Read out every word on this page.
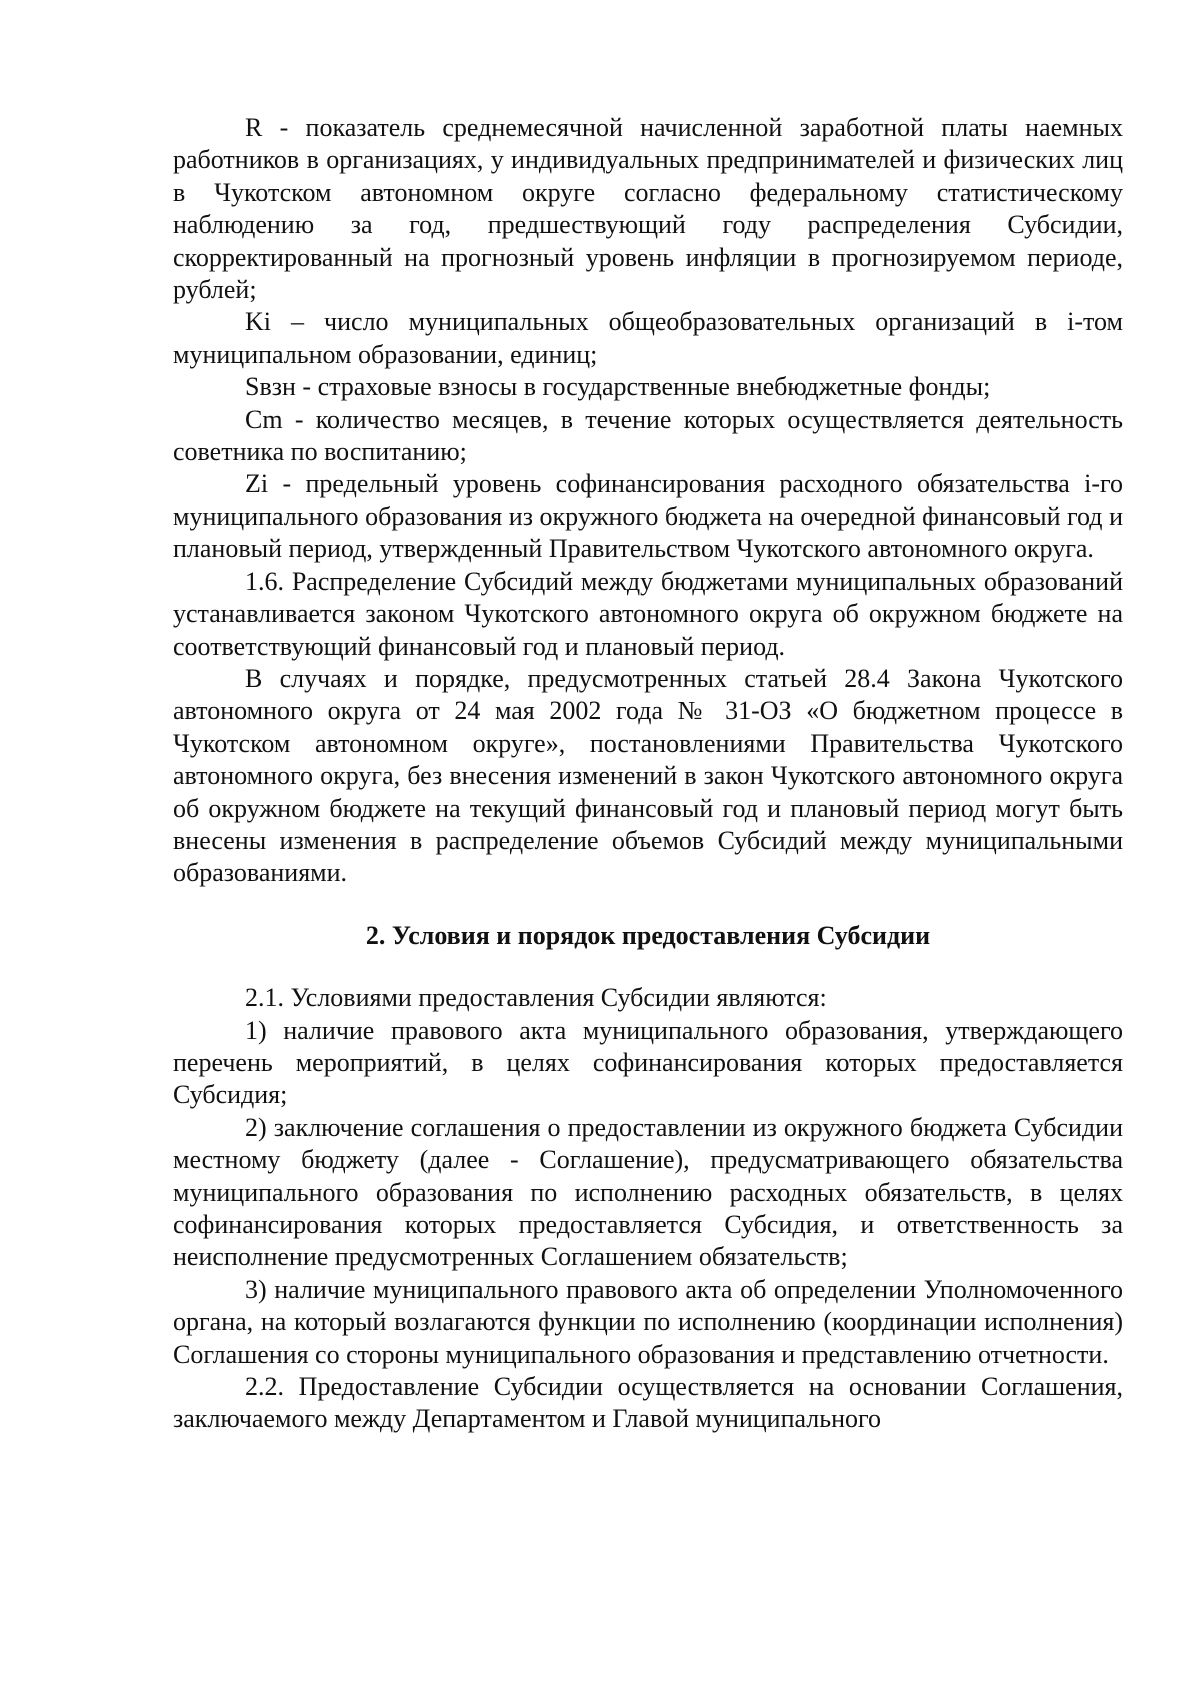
R - показатель среднемесячной начисленной заработной платы наемных работников в организациях, у индивидуальных предпринимателей и физических лиц в Чукотском автономном округе согласно федеральному статистическому наблюдению за год, предшествующий году распределения Субсидии, скорректированный на прогнозный уровень инфляции в прогнозируемом периоде, рублей;

Ki – число муниципальных общеобразовательных организаций в i-том муниципальном образовании, единиц;

Sвзн - страховые взносы в государственные внебюджетные фонды;

Cm - количество месяцев, в течение которых осуществляется деятельность советника по воспитанию;

Zi - предельный уровень софинансирования расходного обязательства i-го муниципального образования из окружного бюджета на очередной финансовый год и плановый период, утвержденный Правительством Чукотского автономного округа.

1.6. Распределение Субсидий между бюджетами муниципальных образований устанавливается законом Чукотского автономного округа об окружном бюджете на соответствующий финансовый год и плановый период.

В случаях и порядке, предусмотренных статьей 28.4 Закона Чукотского автономного округа от 24 мая 2002 года № 31-ОЗ «О бюджетном процессе в Чукотском автономном округе», постановлениями Правительства Чукотского автономного округа, без внесения изменений в закон Чукотского автономного округа об окружном бюджете на текущий финансовый год и плановый период могут быть внесены изменения в распределение объемов Субсидий между муниципальными образованиями.

2. Условия и порядок предоставления Субсидии

2.1. Условиями предоставления Субсидии являются:

1) наличие правового акта муниципального образования, утверждающего перечень мероприятий, в целях софинансирования которых предоставляется Субсидия;

2) заключение соглашения о предоставлении из окружного бюджета Субсидии местному бюджету (далее - Соглашение), предусматривающего обязательства муниципального образования по исполнению расходных обязательств, в целях софинансирования которых предоставляется Субсидия, и ответственность за неисполнение предусмотренных Соглашением обязательств;

3) наличие муниципального правового акта об определении Уполномоченного органа, на который возлагаются функции по исполнению (координации исполнения) Соглашения со стороны муниципального образования и представлению отчетности.

2.2. Предоставление Субсидии осуществляется на основании Соглашения, заключаемого между Департаментом и Главой муниципального
